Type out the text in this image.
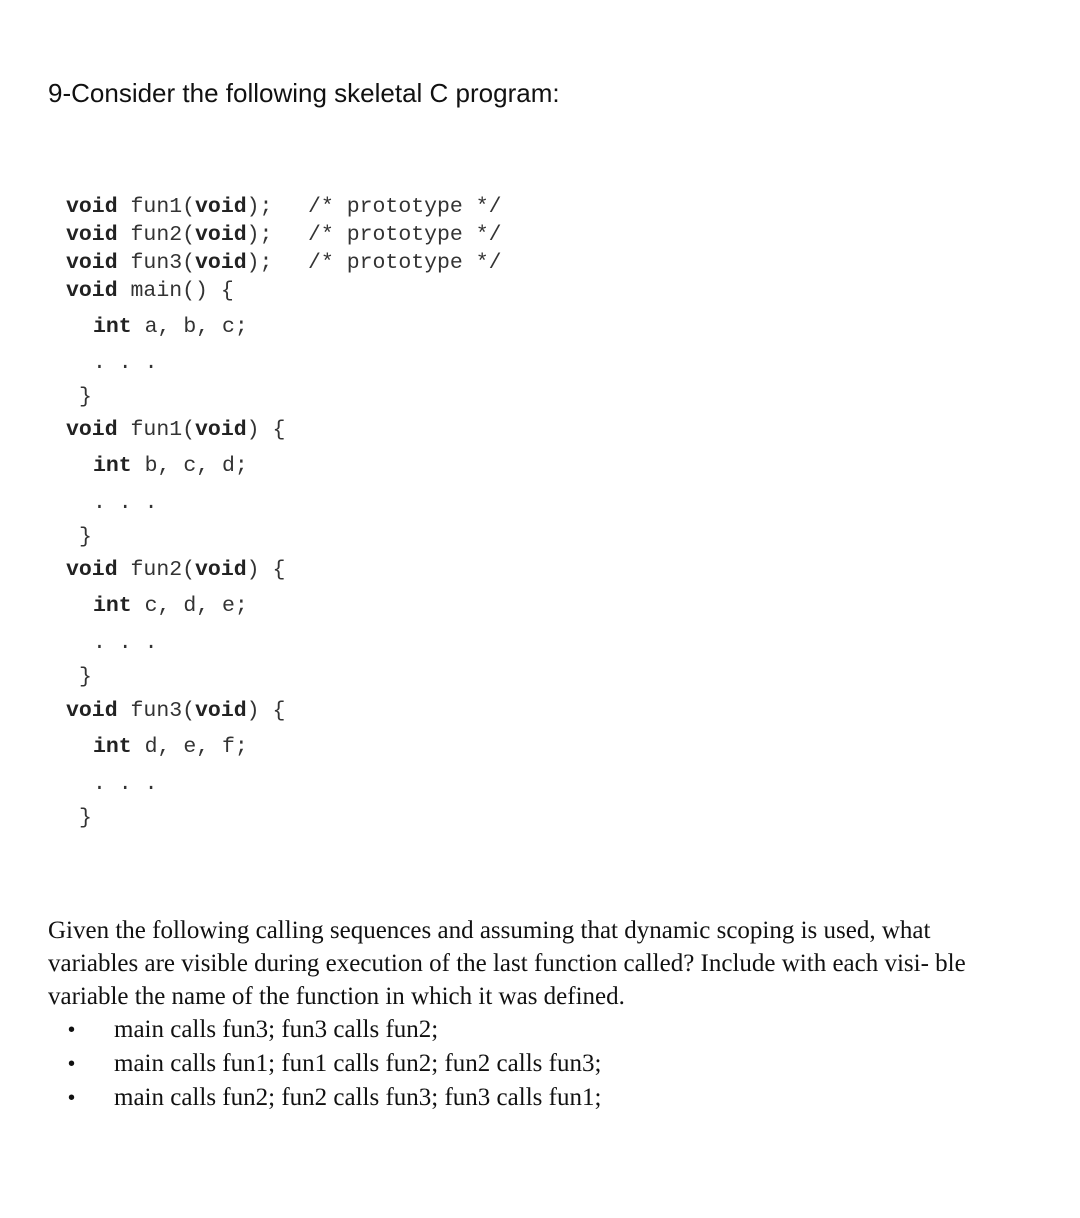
9-Consider the following skeletal C program:
void fun1(void); /* prototype */
void fun2(void); /* prototype */
void fun3(void); /* prototype */
void main() {
int a, b, c;
. . .
}
void fun1(void) {
int b, c, d;
. . .
}
void fun2(void) {
int c, d, e;
. . .
}
void fun3(void) {
int d, e, f;
. . .
}

Given the following calling sequences and assuming that dynamic scoping is used, what variables are visible during execution of the last function called? Include with each visi- ble variable the name of the function in which it was defined.

• main calls fun3; fun3 calls fun2;
• main calls fun1; fun1 calls fun2; fun2 calls fun3;
• main calls fun2; fun2 calls fun3; fun3 calls fun1;
